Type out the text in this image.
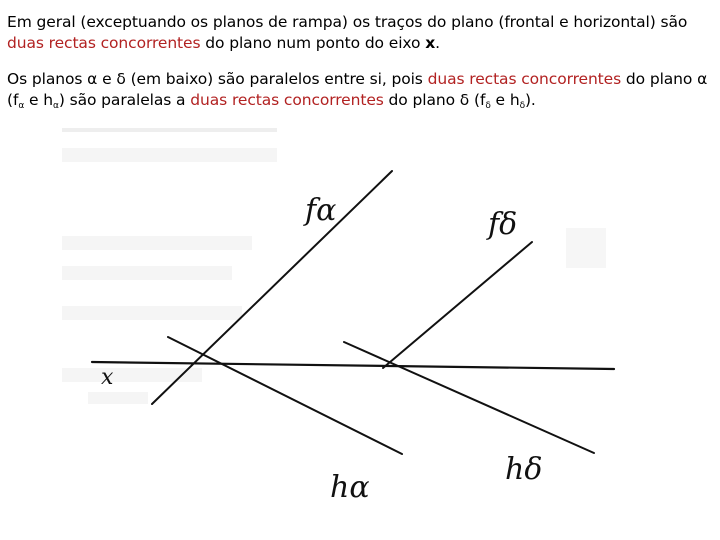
Em geral (exceptuando os planos de rampa) os traços do plano (frontal e horizontal) são duas rectas concorrentes do plano num ponto do eixo x.

Os planos α e δ (em baixo) são paralelos entre si, pois duas rectas concorrentes do plano α ($f_\alpha$ e $h_\alpha$) são paralelas a duas rectas concorrentes do plano δ ($f_\delta$ e $h_\delta$).

x
fα	fδ
hα
hδ
